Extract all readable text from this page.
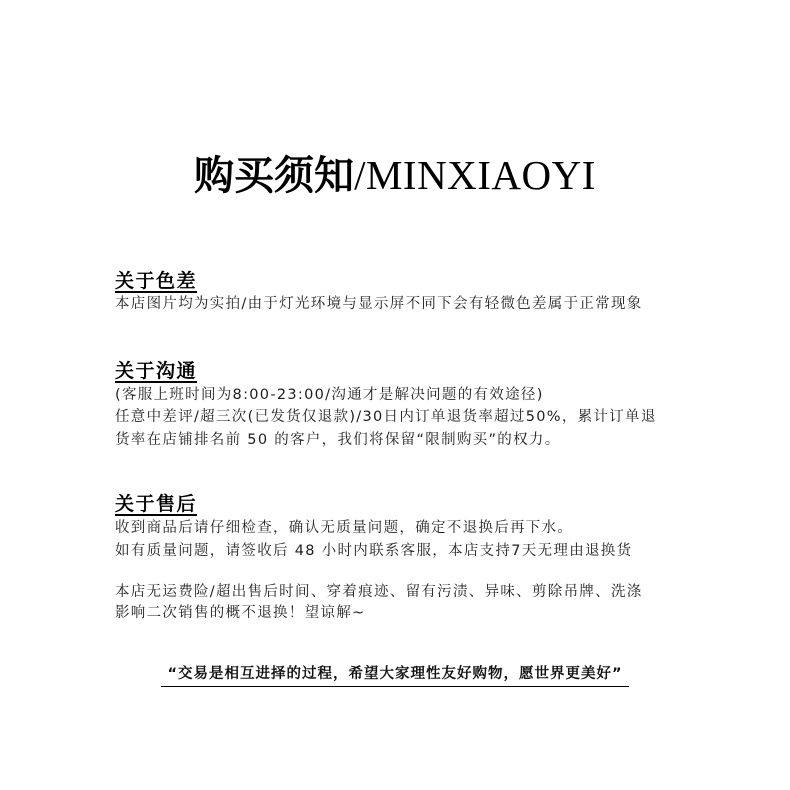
购买须知/MINXIAOYI
关于色差
本店图片均为实拍/由于灯光环境与显示屏不同下会有轻微色差属于正常现象
关于沟通
(客服上班时间为8:00-23:00/沟通才是解决问题的有效途径)
任意中差评/超三次(已发货仅退款)/30日内订单退货率超过50%，累计订单退
货率在店铺排名前 50 的客户，我们将保留“限制购买”的权力。
关于售后
收到商品后请仔细检查，确认无质量问题，确定不退换后再下水。
如有质量问题，请签收后 48 小时内联系客服，本店支持7天无理由退换货
本店无运费险/超出售后时间、穿着痕迹、留有污渍、异味、剪除吊牌、洗涤
影响二次销售的概不退换！望谅解~
“交易是相互进择的过程，希望大家理性友好购物，愿世界更美好”
